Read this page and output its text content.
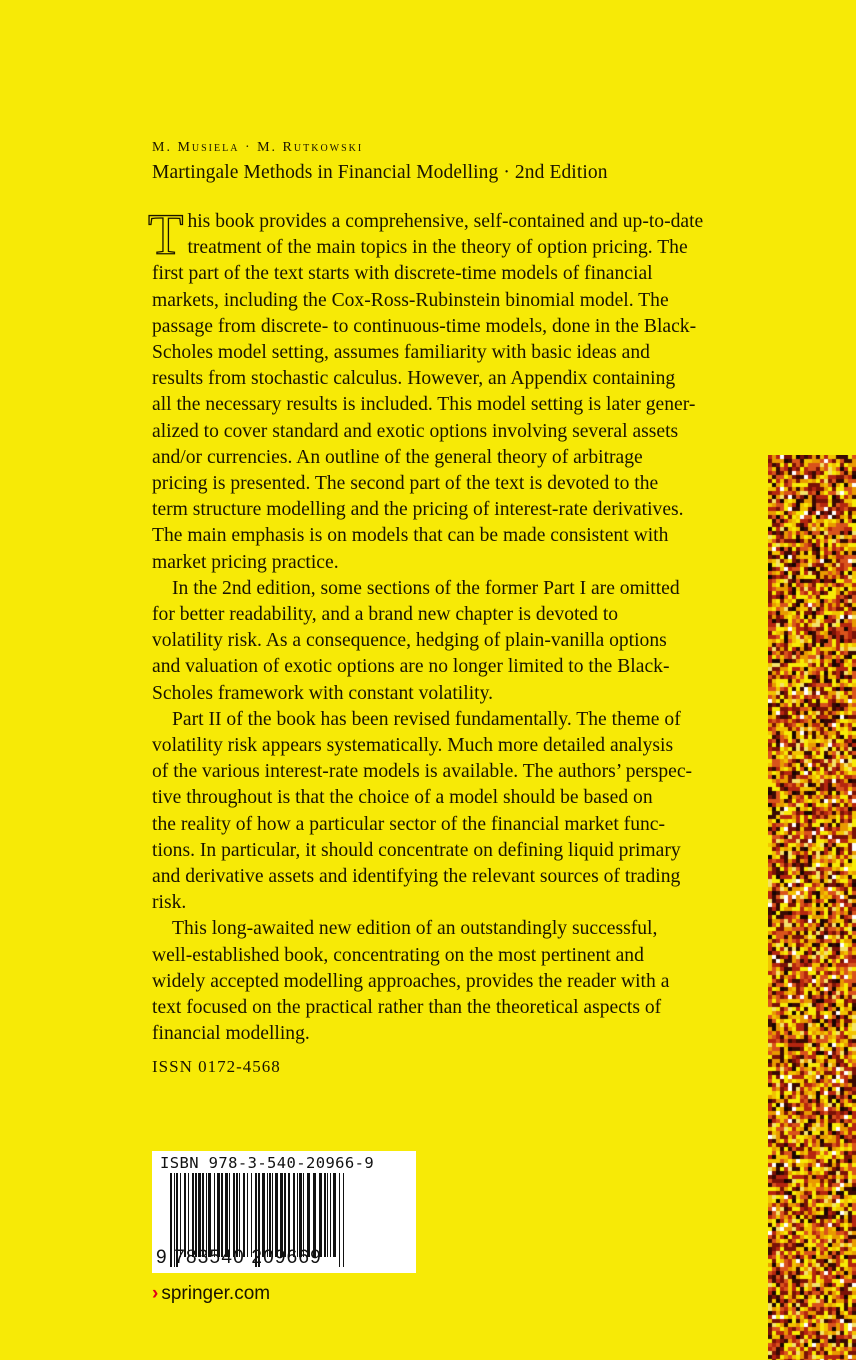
M. Musiela · M. Rutkowski
Martingale Methods in Financial Modelling · 2nd Edition
T his book provides a comprehensive, self-contained and up-to-date
treatment of the main topics in the theory of option pricing. The
first part of the text starts with discrete-time models of financial
markets, including the Cox-Ross-Rubinstein binomial model. The
passage from discrete- to continuous-time models, done in the Black-
Scholes model setting, assumes familiarity with basic ideas and
results from stochastic calculus. However, an Appendix containing
all the necessary results is included. This model setting is later gener-
alized to cover standard and exotic options involving several assets
and/or currencies. An outline of the general theory of arbitrage
pricing is presented. The second part of the text is devoted to the
term structure modelling and the pricing of interest-rate derivatives.
The main emphasis is on models that can be made consistent with
market pricing practice.
In the 2nd edition, some sections of the former Part I are omitted
for better readability, and a brand new chapter is devoted to
volatility risk. As a consequence, hedging of plain-vanilla options
and valuation of exotic options are no longer limited to the Black-
Scholes framework with constant volatility.
Part II of the book has been revised fundamentally. The theme of
volatility risk appears systematically. Much more detailed analysis
of the various interest-rate models is available. The authors’ perspec-
tive throughout is that the choice of a model should be based on
the reality of how a particular sector of the financial market func-
tions. In particular, it should concentrate on defining liquid primary
and derivative assets and identifying the relevant sources of trading
risk.
This long-awaited new edition of an outstandingly successful,
well-established book, concentrating on the most pertinent and
widely accepted modelling approaches, provides the reader with a
text focused on the practical rather than the theoretical aspects of
financial modelling.
ISSN 0172-4568
ISBN 978-3-540-20966-9
9 783540 209669
› springer.com
